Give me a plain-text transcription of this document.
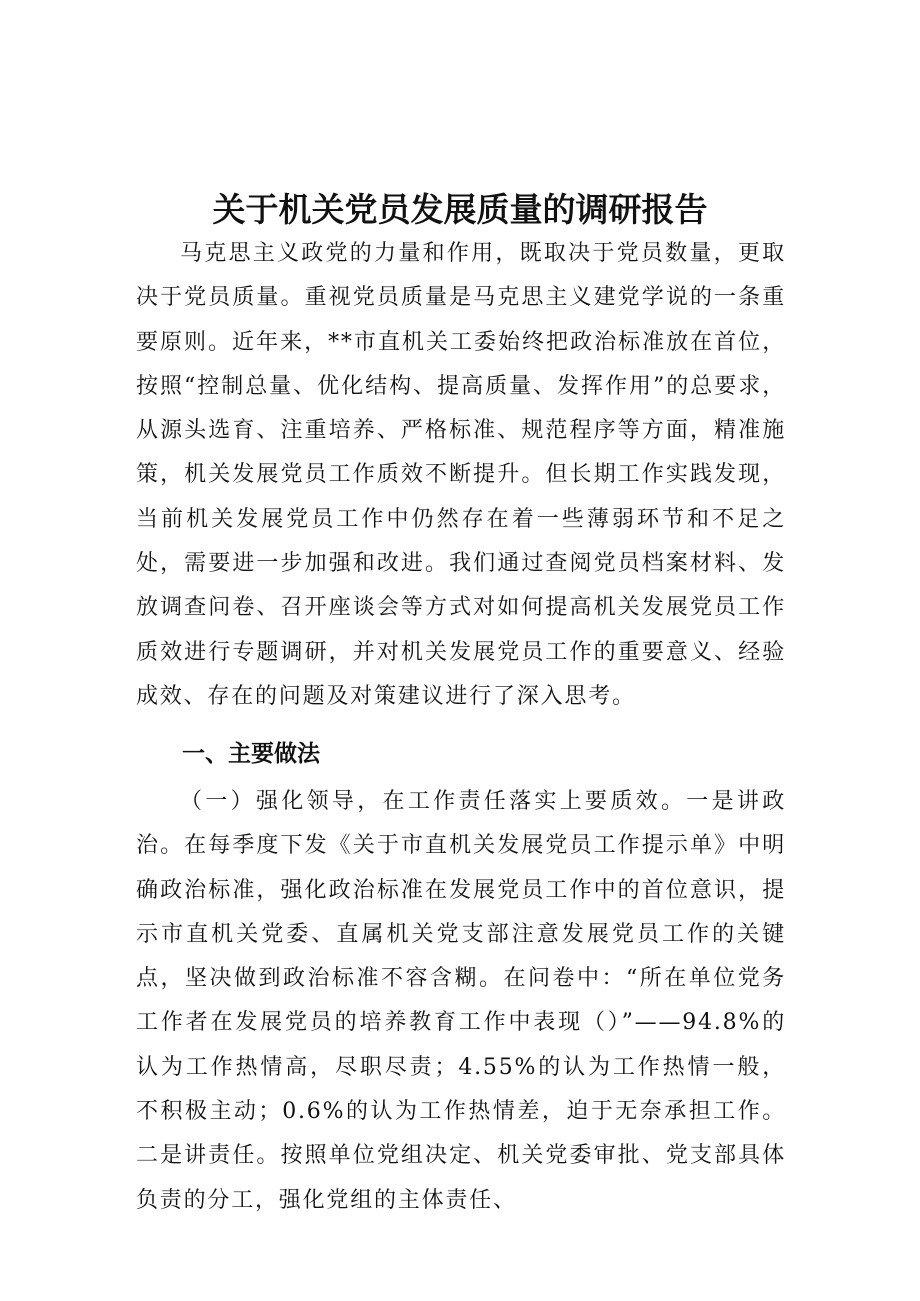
关于机关党员发展质量的调研报告

马克思主义政党的力量和作用，既取决于党员数量，更取决于党员质量。重视党员质量是马克思主义建党学说的一条重要原则。近年来，**市直机关工委始终把政治标准放在首位，按照“控制总量、优化结构、提高质量、发挥作用”的总要求，从源头选育、注重培养、严格标准、规范程序等方面，精准施策，机关发展党员工作质效不断提升。但长期工作实践发现，当前机关发展党员工作中仍然存在着一些薄弱环节和不足之处，需要进一步加强和改进。我们通过查阅党员档案材料、发放调查问卷、召开座谈会等方式对如何提高机关发展党员工作质效进行专题调研，并对机关发展党员工作的重要意义、经验成效、存在的问题及对策建议进行了深入思考。

一、主要做法

（一）强化领导，在工作责任落实上要质效。一是讲政治。在每季度下发《关于市直机关发展党员工作提示单》中明确政治标准，强化政治标准在发展党员工作中的首位意识，提示市直机关党委、直属机关党支部注意发展党员工作的关键点，坚决做到政治标准不容含糊。在问卷中：“所在单位党务工作者在发展党员的培养教育工作中表现（）”——94.8%的认为工作热情高，尽职尽责；4.55%的认为工作热情一般，不积极主动；0.6%的认为工作热情差，迫于无奈承担工作。二是讲责任。按照单位党组决定、机关党委审批、党支部具体负责的分工，强化党组的主体责任、
